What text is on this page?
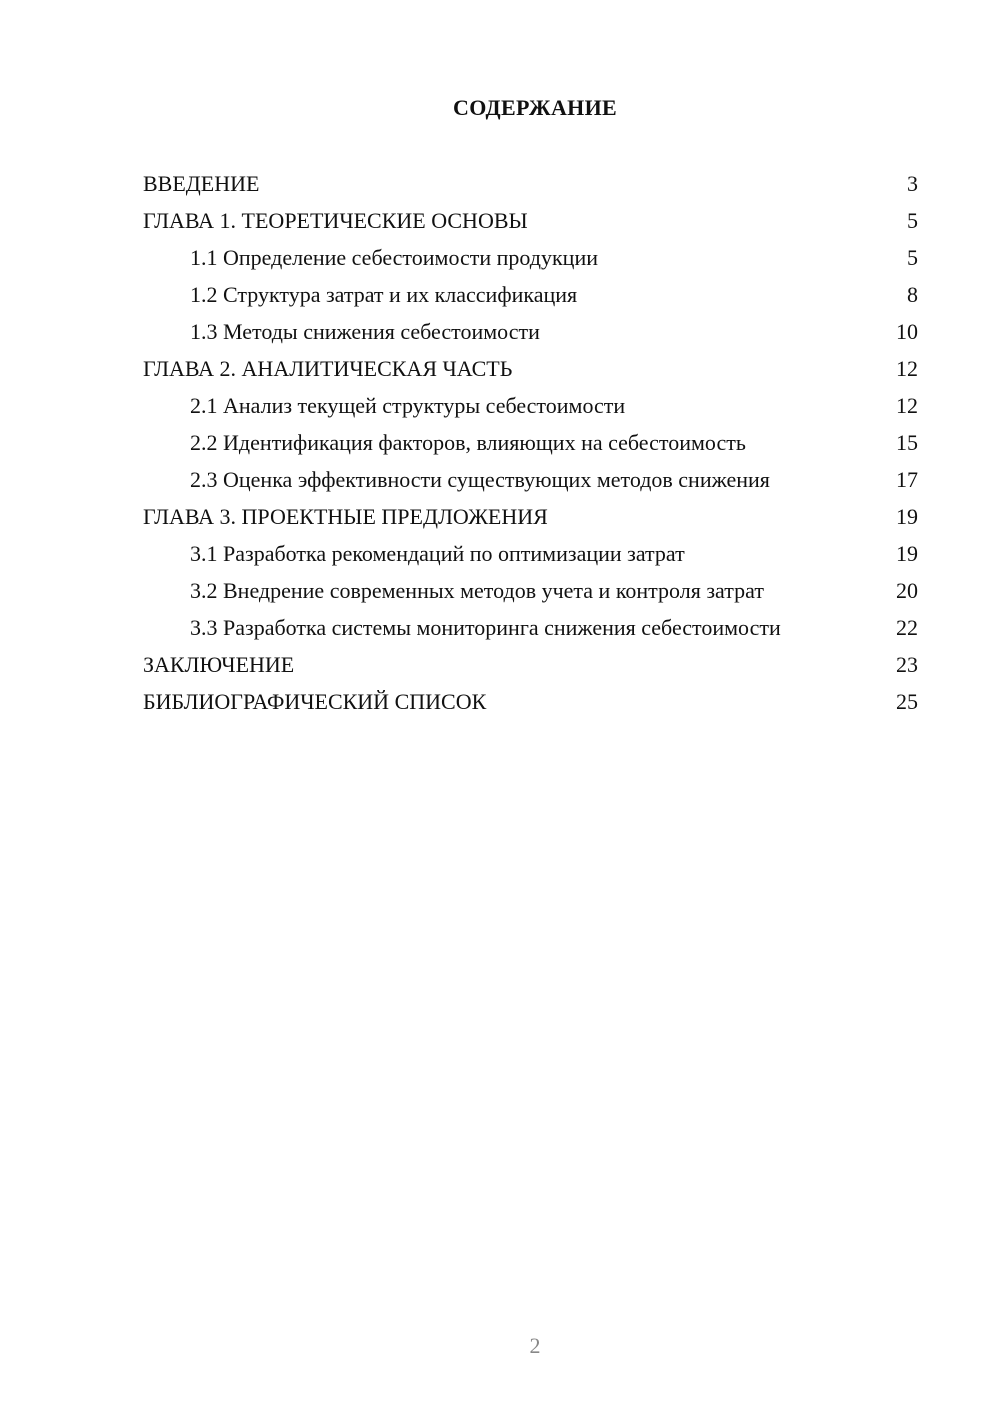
СОДЕРЖАНИЕ
ВВЕДЕНИЕ	3
ГЛАВА 1. ТЕОРЕТИЧЕСКИЕ ОСНОВЫ	5
1.1 Определение себестоимости продукции	5
1.2 Структура затрат и их классификация	8
1.3 Методы снижения себестоимости	10
ГЛАВА 2. АНАЛИТИЧЕСКАЯ ЧАСТЬ	12
2.1 Анализ текущей структуры себестоимости	12
2.2 Идентификация факторов, влияющих на себестоимость	15
2.3 Оценка эффективности существующих методов снижения	17
ГЛАВА 3. ПРОЕКТНЫЕ ПРЕДЛОЖЕНИЯ	19
3.1 Разработка рекомендаций по оптимизации затрат	19
3.2 Внедрение современных методов учета и контроля затрат	20
3.3 Разработка системы мониторинга снижения себестоимости	22
ЗАКЛЮЧЕНИЕ	23
БИБЛИОГРАФИЧЕСКИЙ СПИСОК	25
2
